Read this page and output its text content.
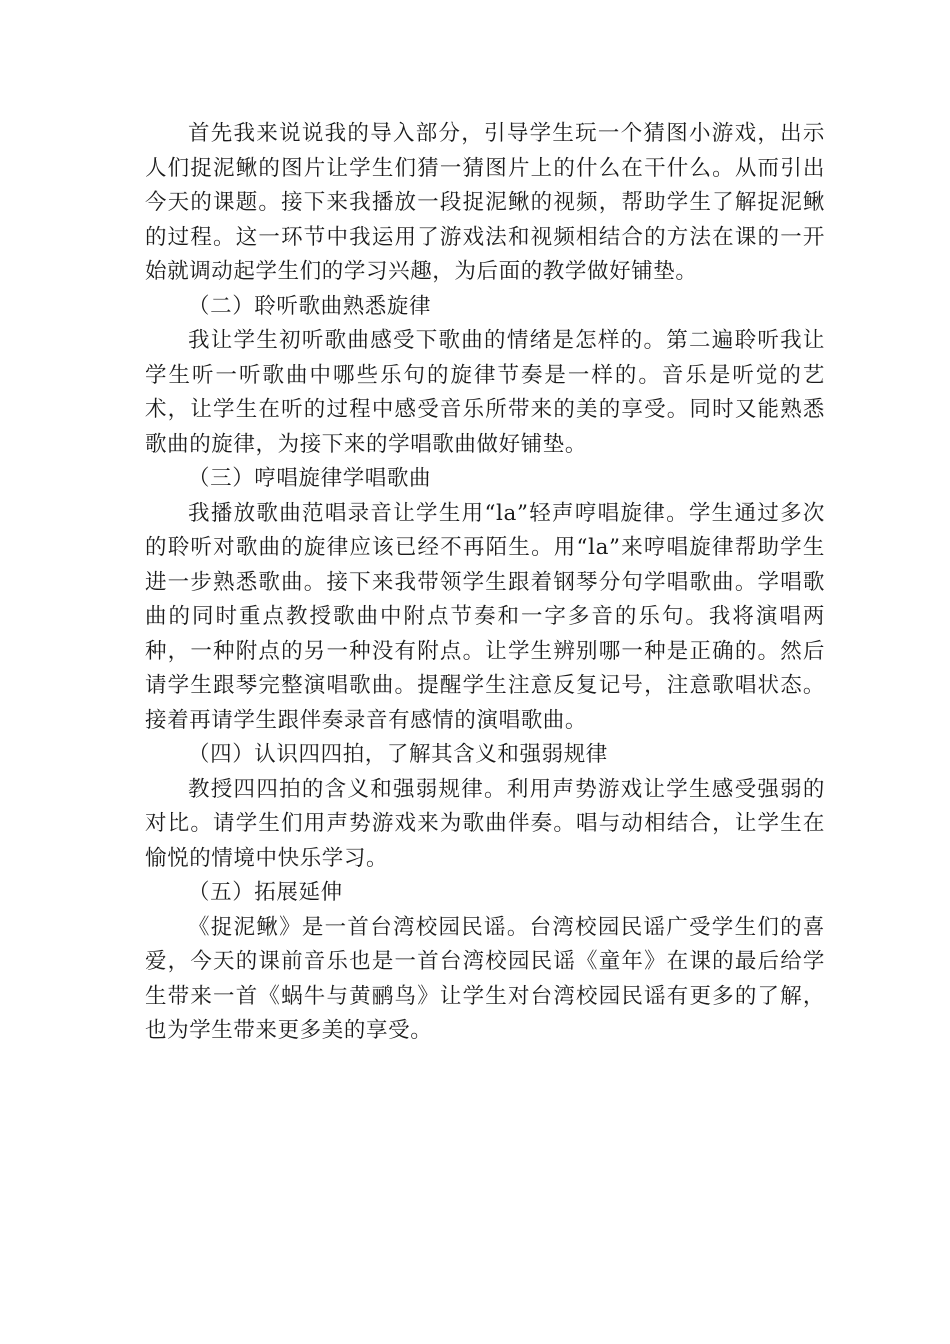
首先我来说说我的导入部分，引导学生玩一个猜图小游戏，出示人们捉泥鳅的图片让学生们猜一猜图片上的什么在干什么。从而引出今天的课题。接下来我播放一段捉泥鳅的视频，帮助学生了解捉泥鳅的过程。这一环节中我运用了游戏法和视频相结合的方法在课的一开始就调动起学生们的学习兴趣，为后面的教学做好铺垫。

（二）聆听歌曲熟悉旋律

我让学生初听歌曲感受下歌曲的情绪是怎样的。第二遍聆听我让学生听一听歌曲中哪些乐句的旋律节奏是一样的。音乐是听觉的艺术，让学生在听的过程中感受音乐所带来的美的享受。同时又能熟悉歌曲的旋律，为接下来的学唱歌曲做好铺垫。

（三）哼唱旋律学唱歌曲

我播放歌曲范唱录音让学生用“la”轻声哼唱旋律。学生通过多次的聆听对歌曲的旋律应该已经不再陌生。用“la”来哼唱旋律帮助学生进一步熟悉歌曲。接下来我带领学生跟着钢琴分句学唱歌曲。学唱歌曲的同时重点教授歌曲中附点节奏和一字多音的乐句。我将演唱两种，一种附点的另一种没有附点。让学生辨别哪一种是正确的。然后请学生跟琴完整演唱歌曲。提醒学生注意反复记号，注意歌唱状态。接着再请学生跟伴奏录音有感情的演唱歌曲。

（四）认识四四拍，了解其含义和强弱规律

教授四四拍的含义和强弱规律。利用声势游戏让学生感受强弱的对比。请学生们用声势游戏来为歌曲伴奏。唱与动相结合，让学生在愉悦的情境中快乐学习。

（五）拓展延伸

《捉泥鳅》是一首台湾校园民谣。台湾校园民谣广受学生们的喜爱，今天的课前音乐也是一首台湾校园民谣《童年》在课的最后给学生带来一首《蜗牛与黄鹂鸟》让学生对台湾校园民谣有更多的了解，也为学生带来更多美的享受。
